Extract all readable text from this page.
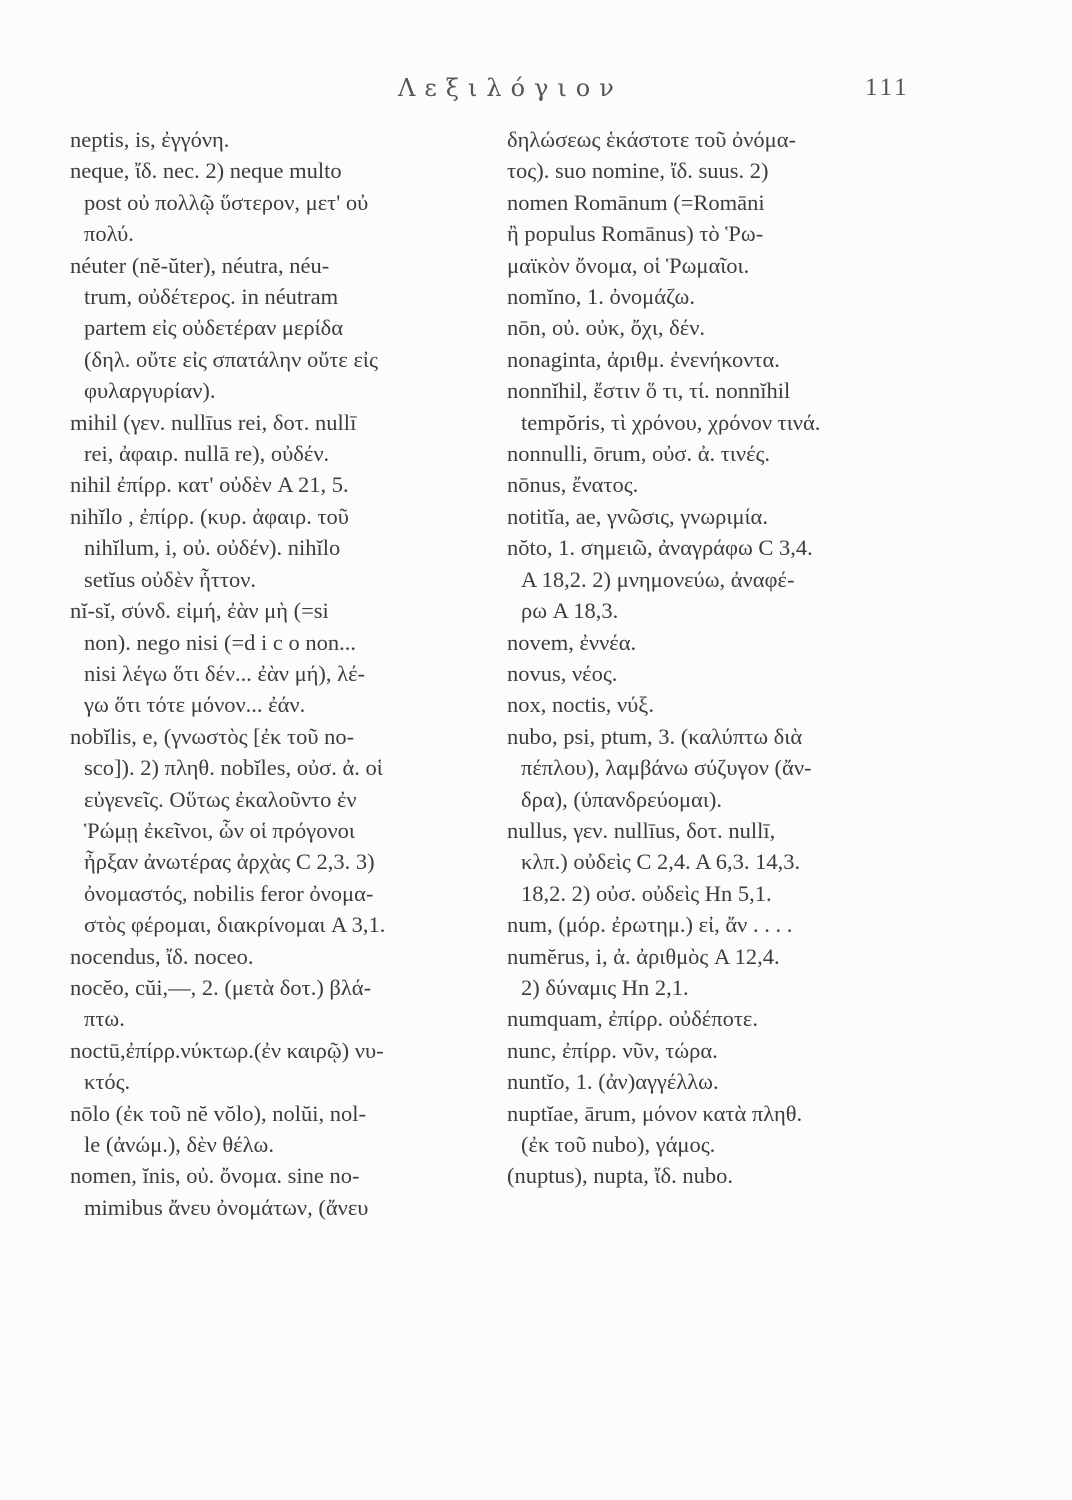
Λεξιλόγιον	111
neptis, is, ἐγγόνη.
neque, ἴδ. nec. 2) neque multo
post οὐ πολλῷ ὕστερον, μετ' οὐ
πολύ.
néuter (nĕ-ŭter), néutra, néu-
trum, οὐδέτερος. in néutram
partem εἰς οὐδετέραν μερίδα
(δηλ. οὔτε εἰς σπατάλην οὔτε εἰς
φυλαργυρίαν).
mihil (γεν. nullīus rei, δοτ. nullī
rei, ἀφαιρ. nullā re), οὐδέν.
nihil ἐπίρρ. κατ' οὐδὲν A 21, 5.
nihĭlo , ἐπίρρ. (κυρ. ἀφαιρ. τοῦ
nihĭlum, i, οὐ. οὐδέν). nihĭlo
setĭus οὐδὲν ἧττον.
nĭ-sĭ, σύνδ. εἰμή, ἐὰν μὴ (=si
non). nego nisi (=d i c o non...
nisi λέγω ὅτι δέν... ἐὰν μή), λέ-
γω ὅτι τότε μόνον... ἐάν.
nobĭlis, e, (γνωστὸς [ἐκ τοῦ no-
sco]). 2) πληθ. nobĭles, οὐσ. ἀ. οἱ
εὐγενεῖς. Οὕτως ἐκαλοῦντο ἐν
Ῥώμῃ ἐκεῖνοι, ὧν οἱ πρόγονοι
ἦρξαν ἀνωτέρας ἀρχὰς C 2,3. 3)
ὀνομαστός, nobilis feror ὀνομα-
στὸς φέρομαι, διακρίνομαι A 3,1.
nocendus, ἴδ. noceo.
nocĕo, cŭi,—, 2. (μετὰ δοτ.) βλά-
πτω.
noctū,ἐπίρρ.νύκτωρ.(ἐν καιρῷ) νυ-
κτός.
nōlo (ἐκ τοῦ nĕ vŏlo), nolŭi, nol-
le (ἀνώμ.), δὲν θέλω.
nomen, ĭnis, οὐ. ὄνομα. sine no-
mimibus ἄνευ ὀνομάτων, (ἄνευ
δηλώσεως ἑκάστοτε τοῦ ὀνόμα-
τος). suo nomine, ἴδ. suus. 2)
nomen Romānum (=Romāni
ἢ populus Romānus) τὸ Ῥω-
μαϊκὸν ὄνομα, οἱ Ῥωμαῖοι.
nomĭno, 1. ὀνομάζω.
nōn, οὐ. οὐκ, ὄχι, δέν.
nonaginta, ἀριθμ. ἐνενήκοντα.
nonnĭhil, ἔστιν ὅ τι, τί. nonnĭhil
tempŏris, τὶ χρόνου, χρόνον τινά.
nonnulli, ōrum, οὐσ. ἀ. τινές.
nōnus, ἔνατος.
notitĭa, ae, γνῶσις, γνωριμία.
nŏto, 1. σημειῶ, ἀναγράφω C 3,4.
A 18,2. 2) μνημονεύω, ἀναφέ-
ρω A 18,3.
novem, ἐννέα.
novus, νέος.
nox, noctis, νύξ.
nubo, psi, ptum, 3. (καλύπτω διὰ
πέπλου), λαμβάνω σύζυγον (ἄν-
δρα), (ὑπανδρεύομαι).
nullus, γεν. nullīus, δοτ. nullī,
κλπ.) οὐδεὶς C 2,4. A 6,3. 14,3.
18,2. 2) οὐσ. οὐδεὶς Hn 5,1.
num, (μόρ. ἐρωτημ.) εἰ, ἄν . . . .
numĕrus, i, ἀ. ἀριθμὸς A 12,4.
2) δύναμις Hn 2,1.
numquam, ἐπίρρ. οὐδέποτε.
nunc, ἐπίρρ. νῦν, τώρα.
nuntĭo, 1. (ἀν)αγγέλλω.
nuptĭae, ārum, μόνον κατὰ πληθ.
(ἐκ τοῦ nubo), γάμος.
(nuptus), nupta, ἴδ. nubo.
